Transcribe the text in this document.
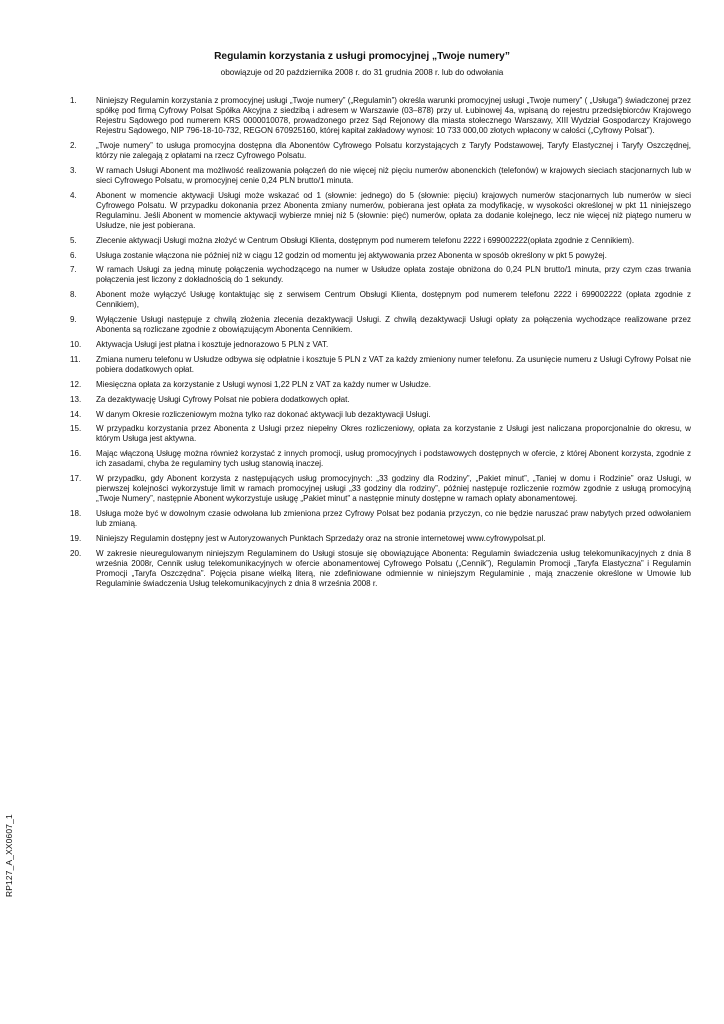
Regulamin korzystania z usługi promocyjnej „Twoje numery”
obowiązuje od 20 października 2008 r. do 31 grudnia 2008 r. lub do odwołania
1.	Niniejszy Regulamin korzystania z promocyjnej usługi „Twoje numery” („Regulamin”) określa warunki promocyjnej usługi „Twoje numery” ( „Usługa”) świadczonej przez spółkę pod firmą Cyfrowy Polsat Spółka Akcyjna z siedzibą i adresem w Warszawie (03–878) przy ul. Łubinowej 4a, wpisaną do rejestru przedsiębiorców Krajowego Rejestru Sądowego pod numerem KRS 0000010078, prowadzonego przez Sąd Rejonowy dla miasta stołecznego Warszawy, XIII Wydział Gospodarczy Krajowego Rejestru Sądowego, NIP 796-18-10-732, REGON 670925160, której kapitał zakładowy wynosi: 10 733 000,00 złotych wpłacony w całości („Cyfrowy Polsat”).
2.	„Twoje numery” to usługa promocyjna dostępna dla Abonentów Cyfrowego Polsatu korzystających z Taryfy Podstawowej, Taryfy Elastycznej i Taryfy Oszczędnej, którzy nie zalegają z opłatami na rzecz Cyfrowego Polsatu.
3.	W ramach Usługi Abonent ma możliwość realizowania połączeń do nie więcej niż pięciu numerów abonenckich (telefonów) w krajowych sieciach stacjonarnych lub w sieci Cyfrowego Polsatu, w promocyjnej cenie 0,24 PLN brutto/1 minuta.
4.	Abonent w momencie aktywacji Usługi może wskazać od 1 (słownie: jednego) do 5 (słownie: pięciu) krajowych numerów stacjonarnych lub numerów w sieci Cyfrowego Polsatu. W przypadku dokonania przez Abonenta zmiany numerów, pobierana jest opłata za modyfikację, w wysokości określonej w pkt 11 niniejszego Regulaminu. Jeśli Abonent w momencie aktywacji wybierze mniej niż 5 (słownie: pięć) numerów, opłata za dodanie kolejnego, lecz nie więcej niż piątego numeru w Usłudze, nie jest pobierana.
5.	Zlecenie aktywacji Usługi można złożyć w Centrum Obsługi Klienta, dostępnym pod numerem telefonu 2222 i 699002222(opłata zgodnie z Cennikiem).
6.	Usługa zostanie włączona nie później niż w ciągu 12 godzin od momentu jej aktywowania przez Abonenta w sposób określony w pkt 5 powyżej.
7.	W ramach Usługi za jedną minutę połączenia wychodzącego na numer w Usłudze opłata zostaje obniżona do 0,24 PLN brutto/1 minuta, przy czym czas trwania połączenia jest liczony z dokładnością do 1 sekundy.
8.	Abonent może wyłączyć Usługę kontaktując się z serwisem Centrum Obsługi Klienta, dostępnym pod numerem telefonu 2222 i 699002222 (opłata zgodnie z Cennikiem),
9.	Wyłączenie Usługi następuje z chwilą złożenia zlecenia dezaktywacji Usługi. Z chwilą dezaktywacji Usługi opłaty za połączenia wychodzące realizowane przez Abonenta są rozliczane zgodnie z obowiązującym Abonenta Cennikiem.
10.	Aktywacja Usługi jest płatna i kosztuje jednorazowo 5 PLN z VAT.
11.	Zmiana numeru telefonu w Usłudze odbywa się odpłatnie i kosztuje 5 PLN z VAT za każdy zmieniony numer telefonu. Za usunięcie numeru z Usługi Cyfrowy Polsat nie pobiera dodatkowych opłat.
12.	Miesięczna opłata za korzystanie z Usługi wynosi 1,22 PLN z VAT za każdy numer w Usłudze.
13.	Za dezaktywację Usługi Cyfrowy Polsat nie pobiera dodatkowych opłat.
14.	W danym Okresie rozliczeniowym można tylko raz dokonać aktywacji lub dezaktywacji Usługi.
15.	W przypadku korzystania przez Abonenta z Usługi przez niepełny Okres rozliczeniowy, opłata za korzystanie z Usługi jest naliczana proporcjonalnie do okresu, w którym Usługa jest aktywna.
16.	Mając włączoną Usługę można również korzystać z innych promocji, usług promocyjnych i podstawowych dostępnych w ofercie, z której Abonent korzysta, zgodnie z ich zasadami, chyba że regulaminy tych usług stanowią inaczej.
17.	W przypadku, gdy Abonent korzysta z następujących usług promocyjnych: „33 godziny dla Rodziny”, „Pakiet minut”, „Taniej w domu i Rodzinie” oraz Usługi, w pierwszej kolejności wykorzystuje limit w ramach promocyjnej usługi „33 godziny dla rodziny”, później następuje rozliczenie rozmów zgodnie z usługą promocyjną „Twoje Numery”, następnie Abonent wykorzystuje usługę „Pakiet minut” a następnie minuty dostępne w ramach opłaty abonamentowej.
18.	Usługa może być w dowolnym czasie odwołana lub zmieniona przez Cyfrowy Polsat bez podania przyczyn, co nie będzie naruszać praw nabytych przed odwołaniem lub zmianą.
19.	Niniejszy Regulamin dostępny jest w Autoryzowanych Punktach Sprzedaży oraz na stronie internetowej www.cyfrowypolsat.pl.
20.	W zakresie nieuregulowanym niniejszym Regulaminem do Usługi stosuje się obowiązujące Abonenta: Regulamin świadczenia usług telekomunikacyjnych z dnia 8 września 2008r, Cennik usług telekomunikacyjnych w ofercie abonamentowej Cyfrowego Polsatu („Cennik”), Regulamin Promocji „Taryfa Elastyczna” i Regulamin Promocji „Taryfa Oszczędna”. Pojęcia pisane wielką literą, nie zdefiniowane odmiennie w niniejszym Regulaminie , mają znaczenie określone w Umowie lub Regulaminie świadczenia Usług telekomunikacyjnych z dnia 8 września 2008 r.
RP127_A_XX0607_1
